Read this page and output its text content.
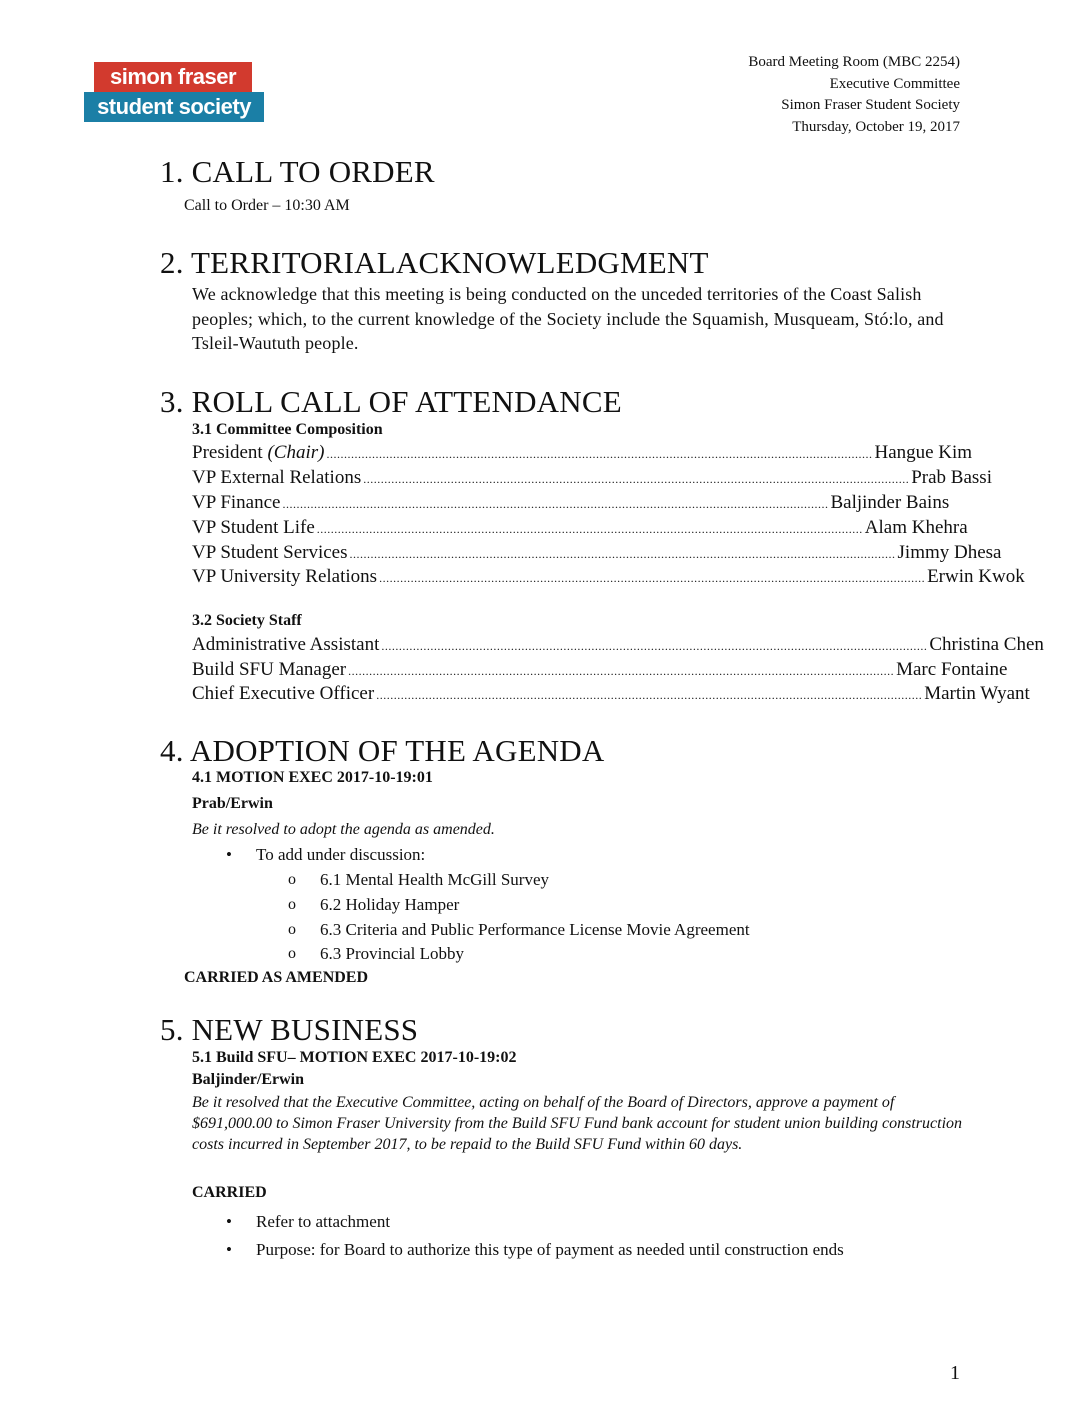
simon fraser
student society
Board Meeting Room (MBC 2254)
Executive Committee
Simon Fraser Student Society
Thursday, October 19, 2017
1. CALL TO ORDER
Call to Order – 10:30 AM
2. TERRITORIALACKNOWLEDGMENT
We acknowledge that this meeting is being conducted on the unceded territories of the Coast Salish peoples; which, to the current knowledge of the Society include the Squamish, Musqueam, Stó:lo, and Tsleil-Waututh people.
3. ROLL CALL OF ATTENDANCE
3.1 Committee Composition
President (Chair) ............................................................................................................................................................ Hangue Kim
VP External Relations ............................................................................................................................................................ Prab Bassi
VP Finance ............................................................................................................................................................ Baljinder Bains
VP Student Life ............................................................................................................................................................ Alam Khehra
VP Student Services ............................................................................................................................................................ Jimmy Dhesa
VP University Relations ............................................................................................................................................................ Erwin Kwok
3.2 Society Staff
Administrative Assistant ............................................................................................................................................................ Christina Chen
Build SFU Manager ............................................................................................................................................................ Marc Fontaine
Chief Executive Officer ............................................................................................................................................................ Martin Wyant
4. ADOPTION OF THE AGENDA
4.1 MOTION EXEC 2017-10-19:01
Prab/Erwin
Be it resolved to adopt the agenda as amended.
• To add under discussion:
o 6.1 Mental Health McGill Survey
o 6.2 Holiday Hamper
o 6.3 Criteria and Public Performance License Movie Agreement
o 6.3 Provincial Lobby
CARRIED AS AMENDED
5. NEW BUSINESS
5.1 Build SFU– MOTION EXEC 2017-10-19:02
Baljinder/Erwin
Be it resolved that the Executive Committee, acting on behalf of the Board of Directors, approve a payment of $691,000.00 to Simon Fraser University from the Build SFU Fund bank account for student union building construction costs incurred in September 2017, to be repaid to the Build SFU Fund within 60 days.
CARRIED
• Refer to attachment
• Purpose: for Board to authorize this type of payment as needed until construction ends
1
